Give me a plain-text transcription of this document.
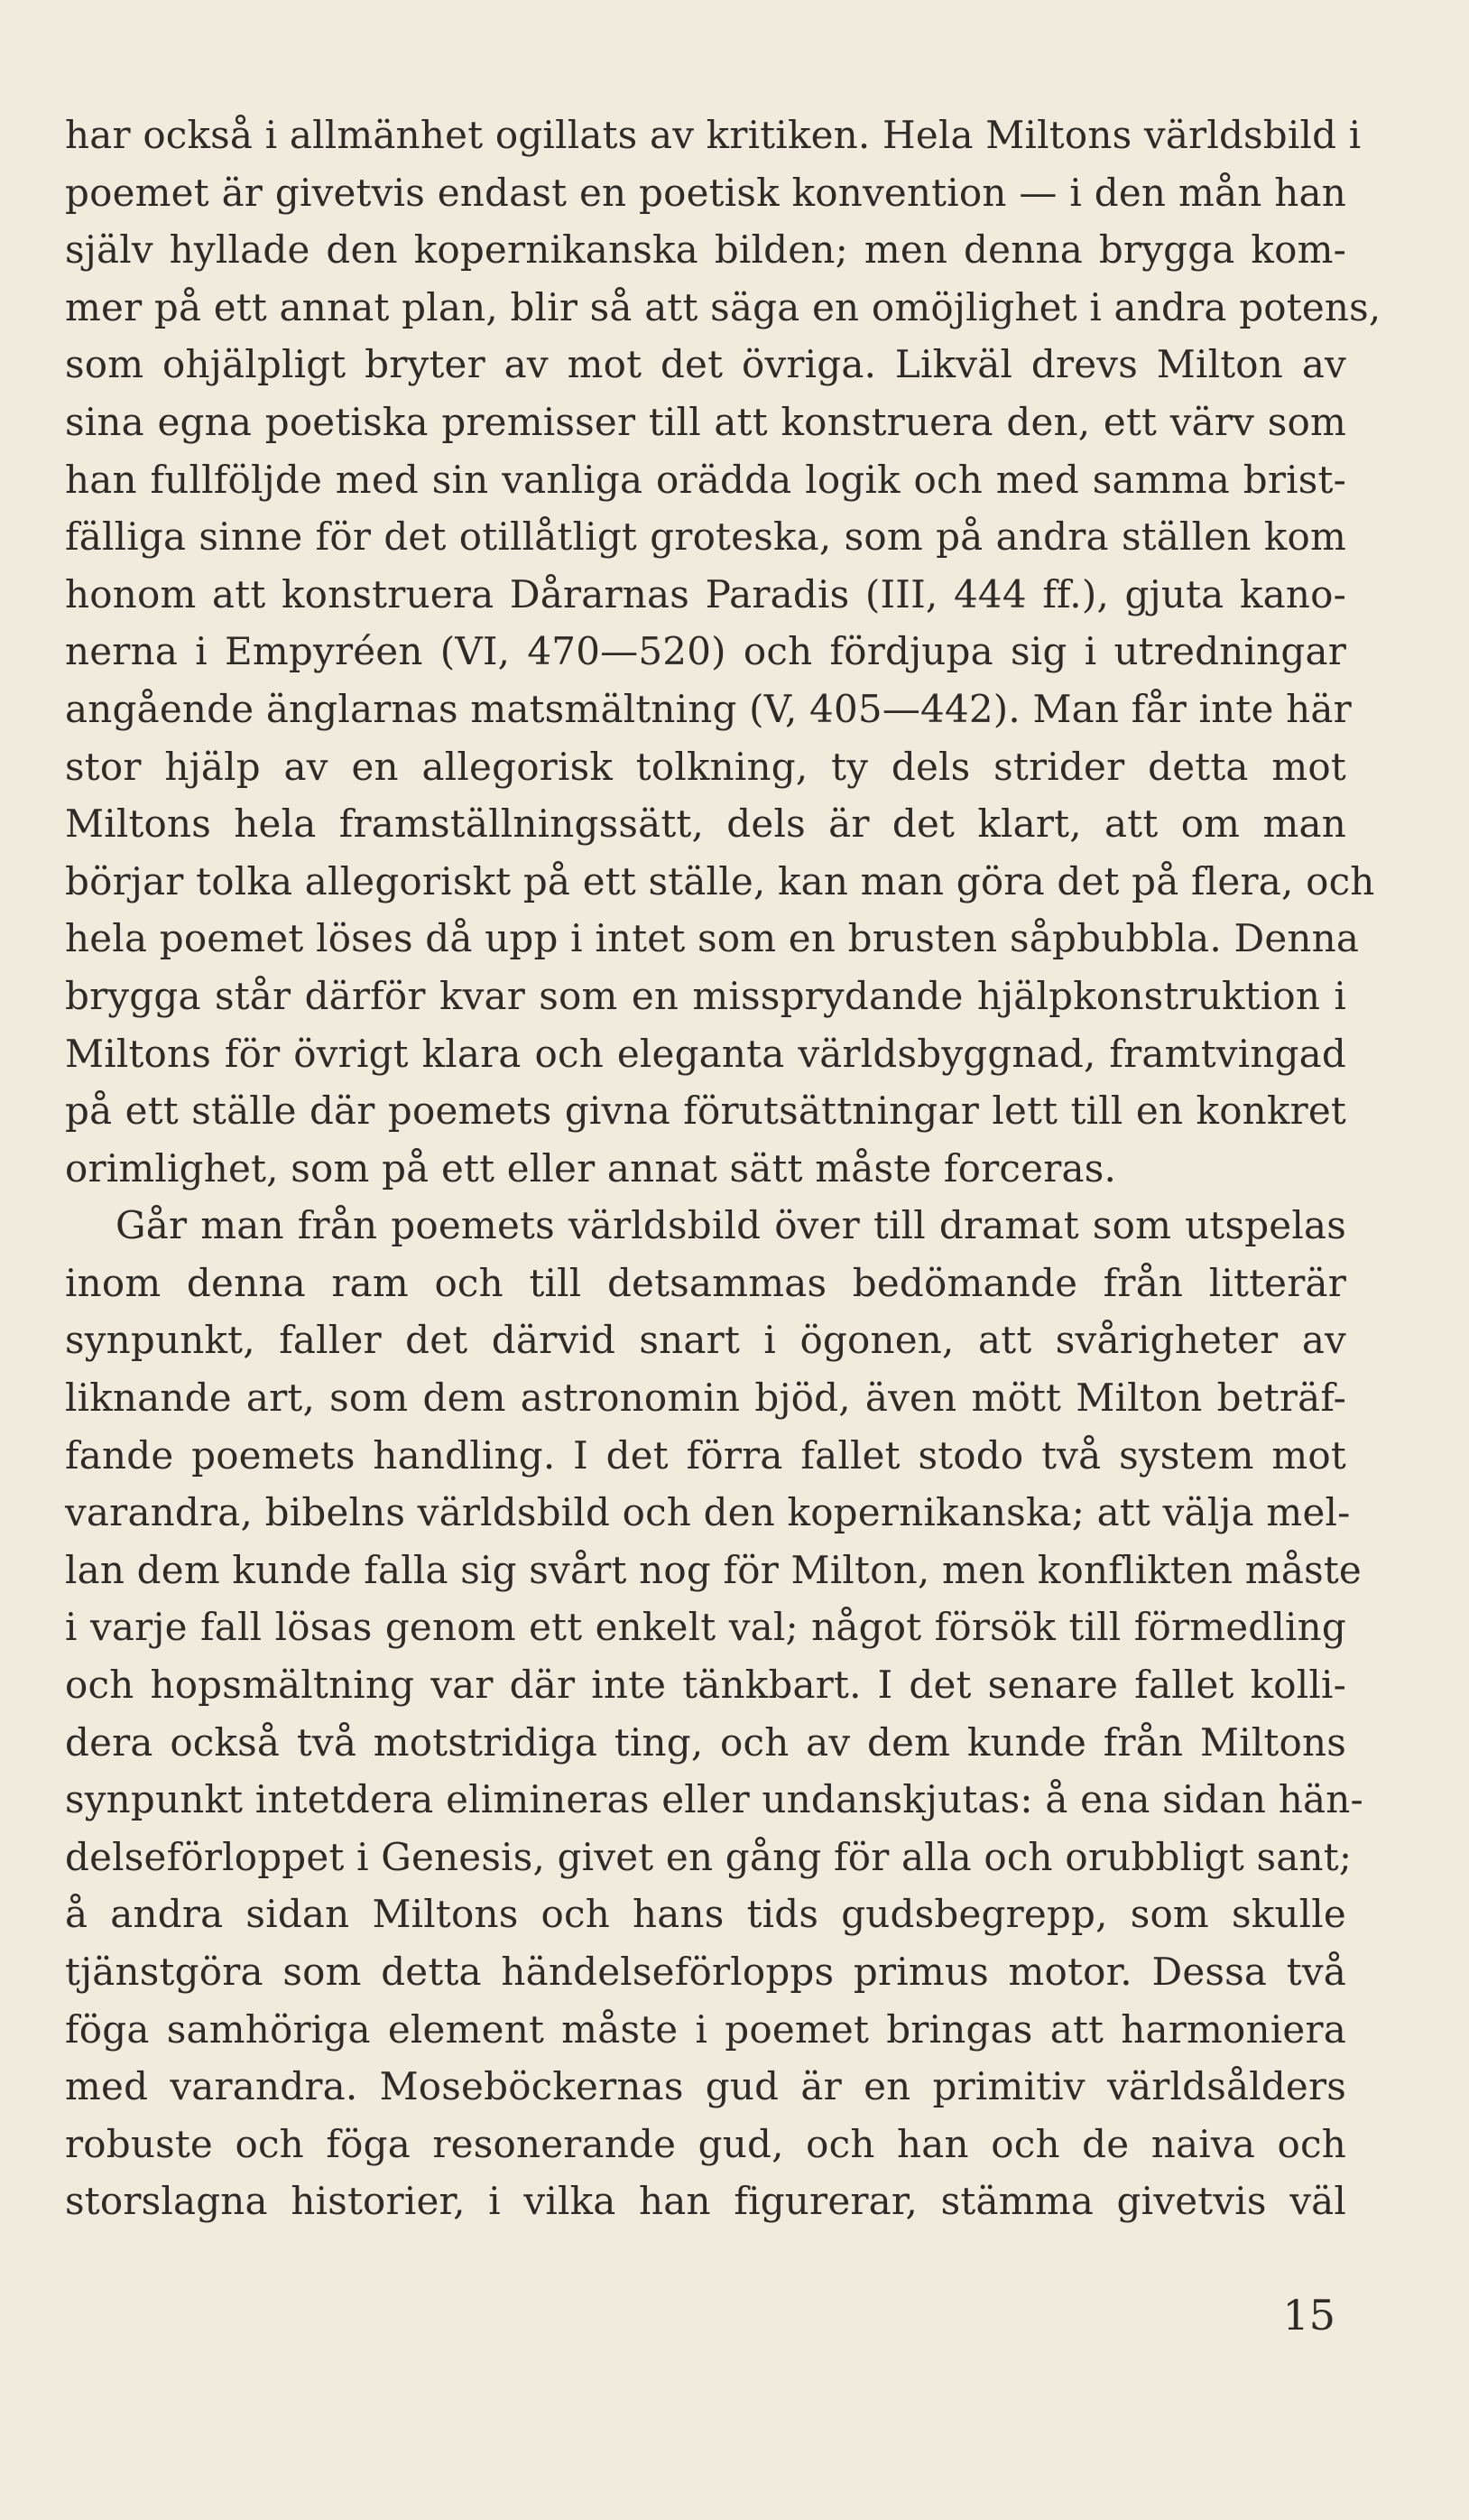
har också i allmänhet ogillats av kritiken. Hela Miltons världsbild i
poemet är givetvis endast en poetisk konvention — i den mån han
själv hyllade den kopernikanska bilden; men denna brygga kom-
mer på ett annat plan, blir så att säga en omöjlighet i andra potens,
som ohjälpligt bryter av mot det övriga. Likväl drevs Milton av
sina egna poetiska premisser till att konstruera den, ett värv som
han fullföljde med sin vanliga orädda logik och med samma brist-
fälliga sinne för det otillåtligt groteska, som på andra ställen kom
honom att konstruera Dårarnas Paradis (III, 444 ff.), gjuta kano-
nerna i Empyréen (VI, 470—520) och fördjupa sig i utredningar
angående änglarnas matsmältning (V, 405—442). Man får inte här
stor hjälp av en allegorisk tolkning, ty dels strider detta mot
Miltons hela framställningssätt, dels är det klart, att om man
börjar tolka allegoriskt på ett ställe, kan man göra det på flera, och
hela poemet löses då upp i intet som en brusten såpbubbla. Denna
brygga står därför kvar som en missprydande hjälpkonstruktion i
Miltons för övrigt klara och eleganta världsbyggnad, framtvingad
på ett ställe där poemets givna förutsättningar lett till en konkret
orimlighet, som på ett eller annat sätt måste forceras.
Går man från poemets världsbild över till dramat som utspelas
inom denna ram och till detsammas bedömande från litterär
synpunkt, faller det därvid snart i ögonen, att svårigheter av
liknande art, som dem astronomin bjöd, även mött Milton beträf-
fande poemets handling. I det förra fallet stodo två system mot
varandra, bibelns världsbild och den kopernikanska; att välja mel-
lan dem kunde falla sig svårt nog för Milton, men konflikten måste
i varje fall lösas genom ett enkelt val; något försök till förmedling
och hopsmältning var där inte tänkbart. I det senare fallet kolli-
dera också två motstridiga ting, och av dem kunde från Miltons
synpunkt intetdera elimineras eller undanskjutas: å ena sidan hän-
delseförloppet i Genesis, givet en gång för alla och orubbligt sant;
å andra sidan Miltons och hans tids gudsbegrepp, som skulle
tjänstgöra som detta händelseförlopps primus motor. Dessa två
föga samhöriga element måste i poemet bringas att harmoniera
med varandra. Moseböckernas gud är en primitiv världsålders
robuste och föga resonerande gud, och han och de naiva och
storslagna historier, i vilka han figurerar, stämma givetvis väl
15
